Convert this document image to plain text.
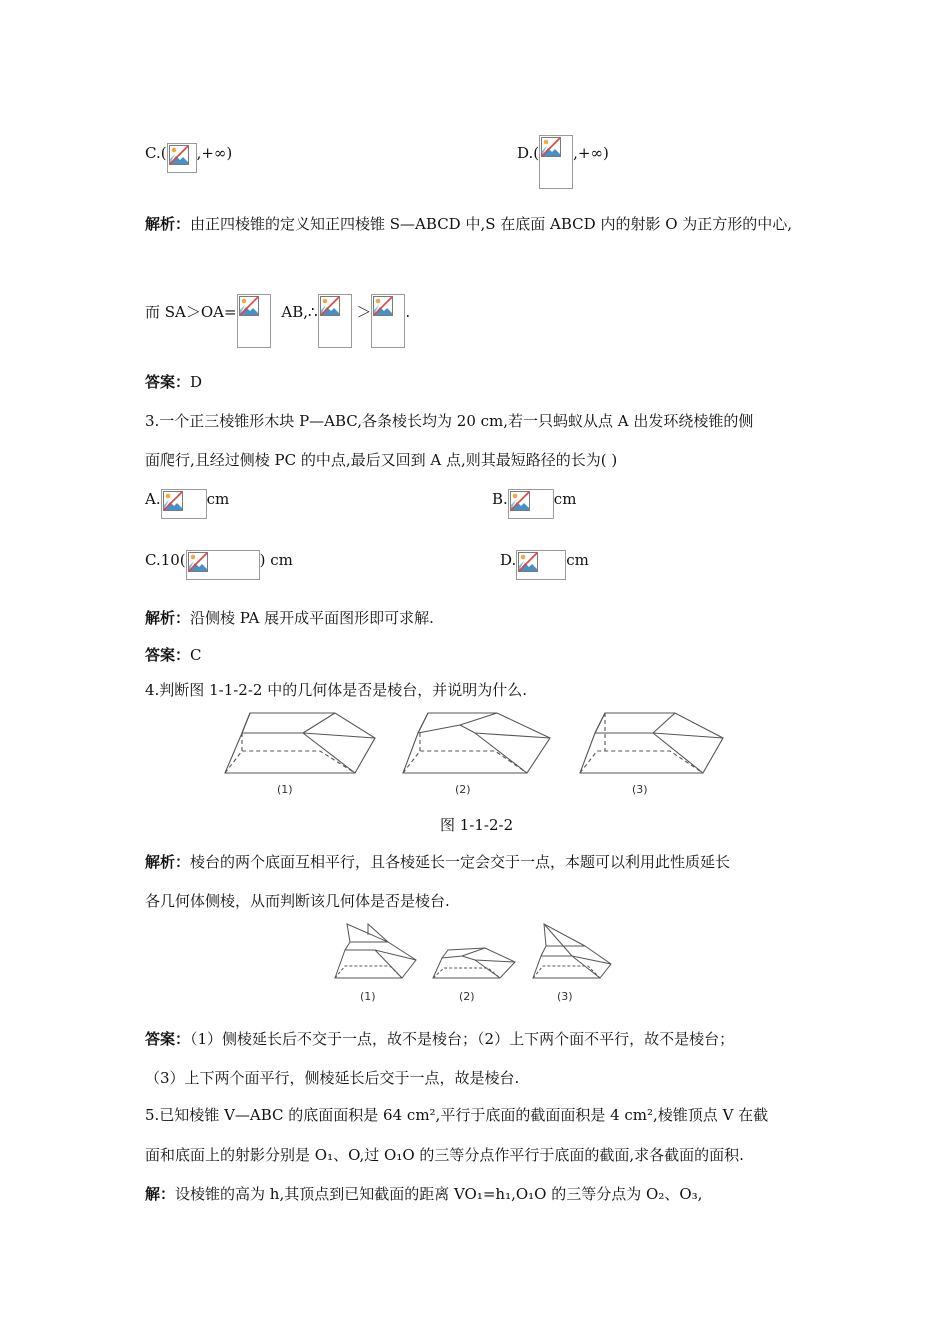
C.( ,+∞)	D.( ,+∞)
解析：由正四棱锥的定义知正四棱锥 S—ABCD 中,S 在底面 ABCD 内的射影 O 为正方形的中心,
而 SA＞OA=	AB,∴	＞ .
答案：D
3.一个正三棱锥形木块 P—ABC,各条棱长均为 20 cm,若一只蚂蚁从点 A 出发环绕棱锥的侧
面爬行,且经过侧棱 PC 的中点,最后又回到 A 点,则其最短路径的长为( )
A.	cm	B.	cm
C.10(	) cm	D.	cm
解析：沿侧棱 PA 展开成平面图形即可求解.
答案：C
4.判断图 1-1-2-2 中的几何体是否是棱台，并说明为什么.
(1)	(2)	(3)
图 1-1-2-2
解析：棱台的两个底面互相平行，且各棱延长一定会交于一点，本题可以利用此性质延长
各几何体侧棱，从而判断该几何体是否是棱台.
(1)	(2)	(3)
答案：（1）侧棱延长后不交于一点，故不是棱台；（2）上下两个面不平行，故不是棱台；
（3）上下两个面平行，侧棱延长后交于一点，故是棱台.
5.已知棱锥 V—ABC 的底面面积是 64 cm²,平行于底面的截面面积是 4 cm²,棱锥顶点 V 在截
面和底面上的射影分别是 O₁、O,过 O₁O 的三等分点作平行于底面的截面,求各截面的面积.
解：设棱锥的高为 h,其顶点到已知截面的距离 VO₁=h₁,O₁O 的三等分点为 O₂、O₃,
